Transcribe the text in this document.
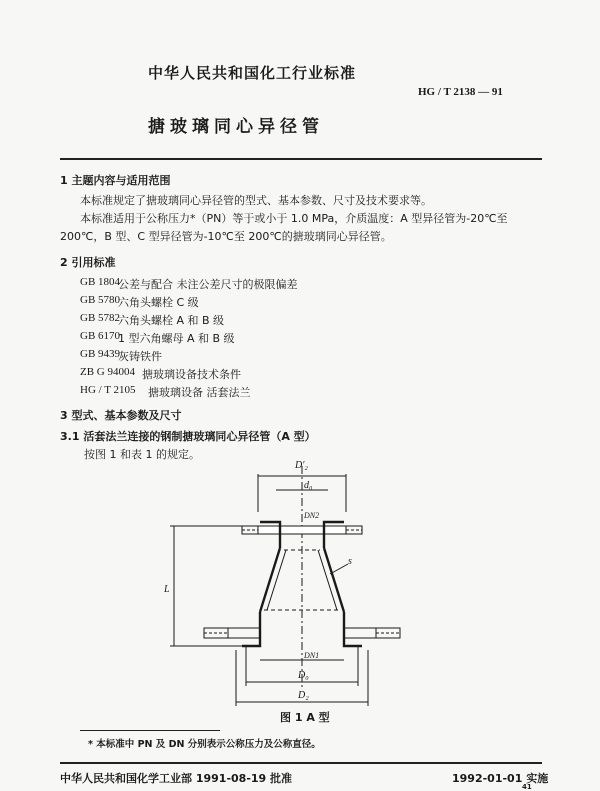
中华人民共和国化工行业标准
HG / T 2138 — 91
搪玻璃同心异径管
1 主题内容与适用范围
本标准规定了搪玻璃同心异径管的型式、基本参数、尺寸及技术要求等。
本标准适用于公称压力*（PN）等于或小于 1.0 MPa，介质温度：A 型异径管为-20℃至
200℃，B 型、C 型异径管为-10℃至 200℃的搪玻璃同心异径管。
2 引用标准
GB 1804
公差与配合 未注公差尺寸的极限偏差
GB 5780
六角头螺栓 C 级
GB 5782
六角头螺栓 A 和 B 级
GB 6170
1 型六角螺母 A 和 B 级
GB 9439
灰铸铁件
ZB G 94004 搪玻璃设备技术条件
HG / T 2105 搪玻璃设备 活套法兰
3 型式、基本参数及尺寸
3.1 活套法兰连接的钢制搪玻璃同心异径管（A 型）
按图 1 和表 1 的规定。
D′₂
d₀
DN2
s
L
DN1
D₀
D₂
图 1 A 型
* 本标准中 PN 及 DN 分别表示公称压力及公称直径。
中华人民共和国化学工业部 1991-08-19 批准	1992-01-01 实施
41
